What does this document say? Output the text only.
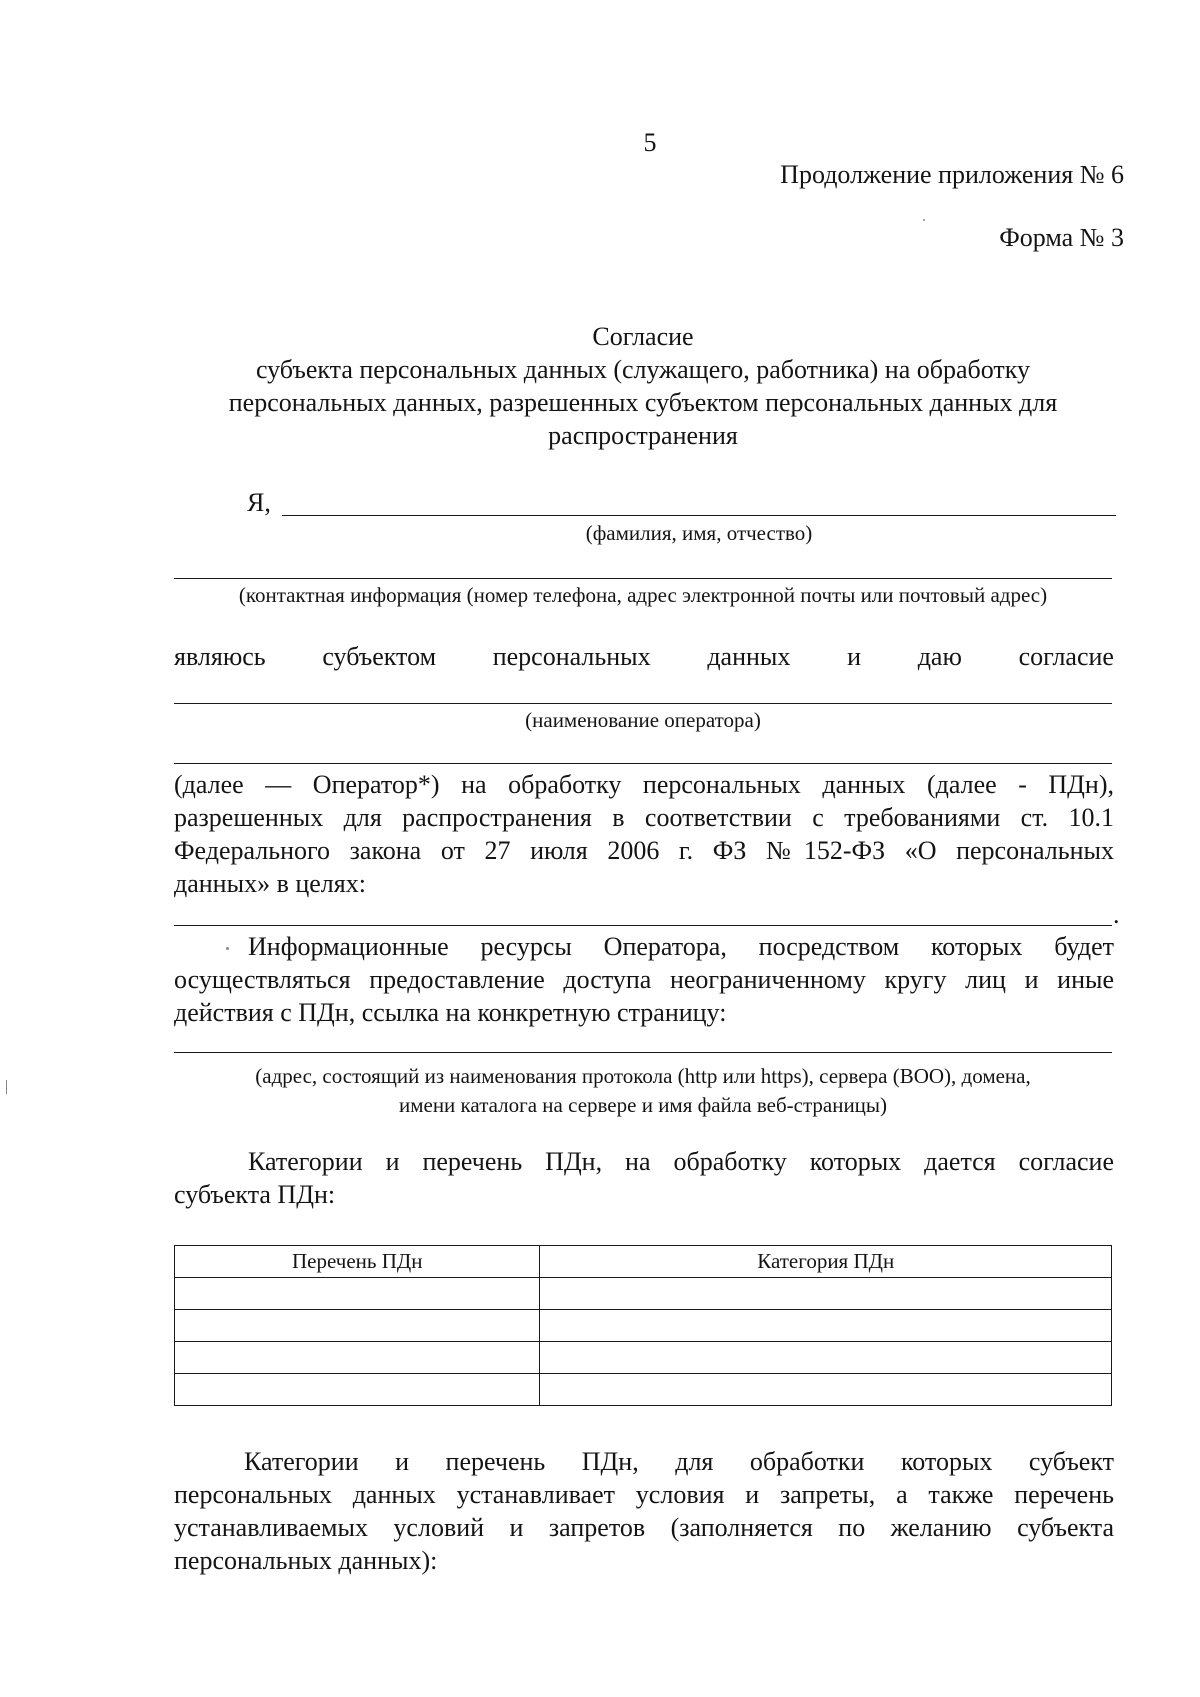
5
Продолжение приложения № 6
Форма № 3
Согласие
субъекта персональных данных (служащего, работника) на обработку
персональных данных, разрешенных субъектом персональных данных для
распространения
Я,
(фамилия, имя, отчество)
(контактная информация (номер телефона, адрес электронной почты или почтовый адрес)
являюсь субъектом персональных данных и даю согласие
(наименование оператора)
(далее — Оператор*) на обработку персональных данных (далее - ПДн),
разрешенных для распространения в соответствии с требованиями ст. 10.1
Федерального закона от 27 июля 2006 г. ФЗ №152-ФЗ «О персональных
данных» в целях:
.
Информационные ресурсы Оператора, посредством которых будет
осуществляться предоставление доступа неограниченному кругу лиц и иные
действия с ПДн, ссылка на конкретную страницу:
(адрес, состоящий из наименования протокола (http или https), сервера (ВОО), домена,
имени каталога на сервере и имя файла веб-страницы)
Категории и перечень ПДн, на обработку которых дается согласие
субъекта ПДн:
Перечень ПДн	Категория ПДн

Категории и перечень ПДн, для обработки которых субъект
персональных данных устанавливает условия и запреты, а также перечень
устанавливаемых условий и запретов (заполняется по желанию субъекта
персональных данных):
